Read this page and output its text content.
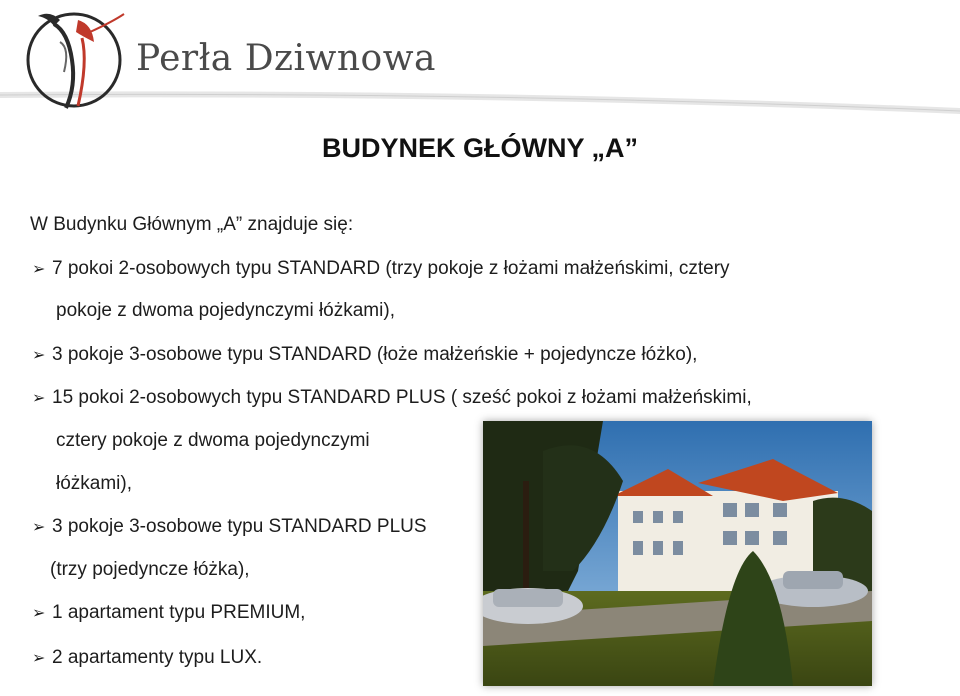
Perła Dziwnowa
BUDYNEK GŁÓWNY „A”
W Budynku Głównym „A” znajduje się:
➢ 7 pokoi 2-osobowych typu STANDARD (trzy pokoje z łożami małżeńskimi, cztery
pokoje z dwoma pojedynczymi łóżkami),
➢ 3 pokoje 3-osobowe typu STANDARD (łoże małżeńskie + pojedyncze łóżko),
➢ 15 pokoi 2-osobowych typu STANDARD PLUS ( sześć pokoi z łożami małżeńskimi,
cztery pokoje z dwoma pojedynczymi
łóżkami),
➢ 3 pokoje 3-osobowe typu STANDARD PLUS
(trzy pojedyncze łóżka),
➢ 1 apartament typu PREMIUM,
➢ 2 apartamenty typu LUX.
